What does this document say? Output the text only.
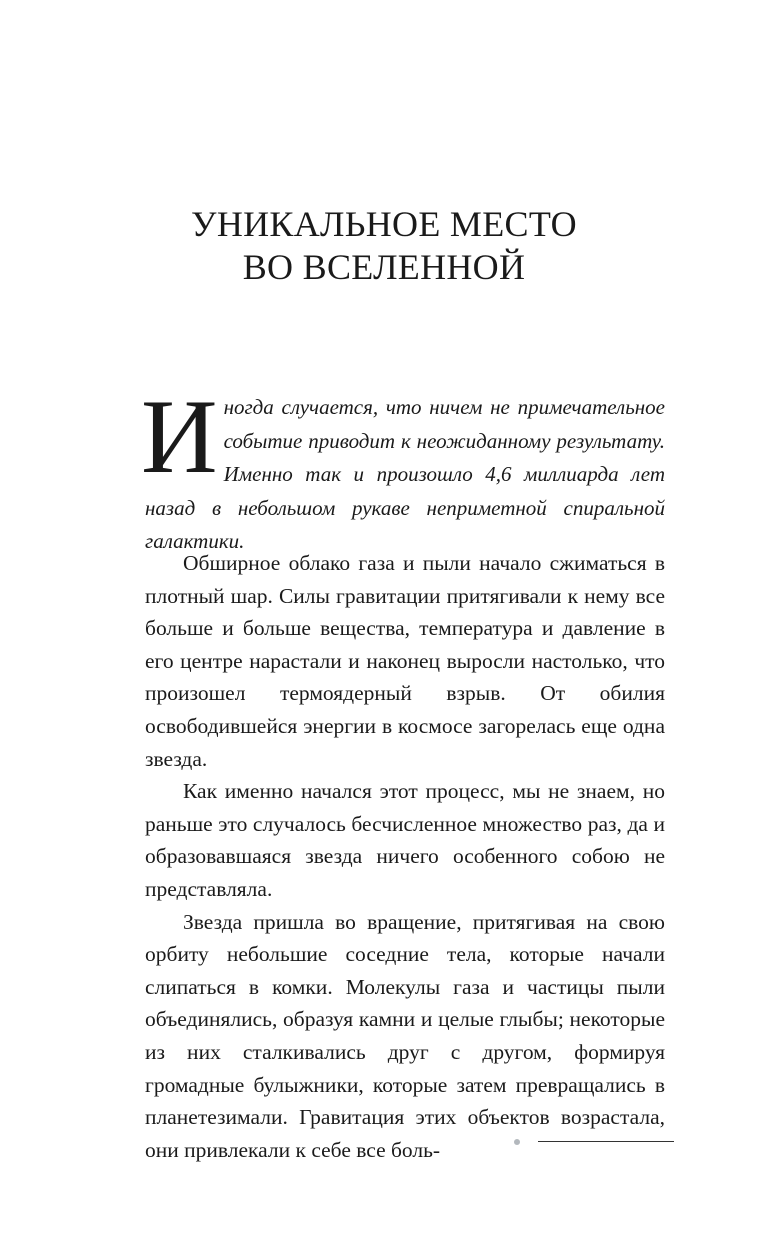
УНИКАЛЬНОЕ МЕСТО
ВО ВСЕЛЕННОЙ

Иногда случается, что ничем не примечательное событие приводит к неожиданному результату. Именно так и произошло 4,6 миллиарда лет назад в небольшом рукаве неприметной спиральной галактики.

Обширное облако газа и пыли начало сжиматься в плотный шар. Силы гравитации притягивали к нему все больше и больше вещества, температура и давление в его центре нарастали и наконец выросли настолько, что произошел термоядерный взрыв. От обилия освободившейся энергии в космосе загорелась еще одна звезда.

Как именно начался этот процесс, мы не знаем, но раньше это случалось бесчисленное множество раз, да и образовавшаяся звезда ничего особенного собою не представляла.

Звезда пришла во вращение, притягивая на свою орбиту небольшие соседние тела, которые начали слипаться в комки. Молекулы газа и частицы пыли объединялись, образуя камни и целые глыбы; некоторые из них сталкивались друг с другом, формируя громадные булыжники, которые затем превращались в планетезимали. Гравитация этих объектов возрастала, они привлекали к себе все боль-
